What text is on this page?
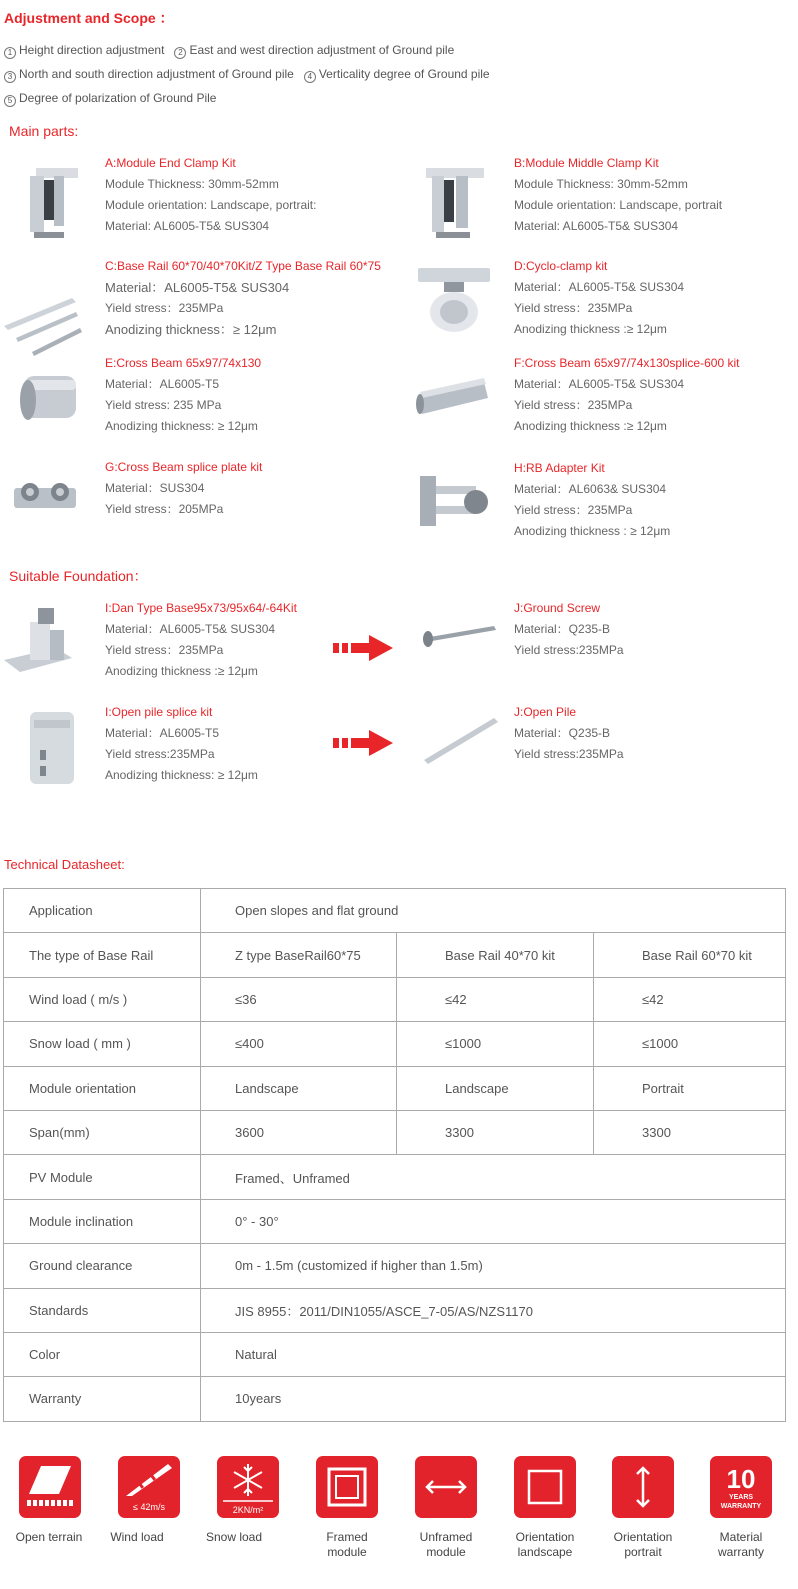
Adjustment and Scope ：
1 Height direction adjustment 2 East and west direction adjustment of Ground pile
3 North and south direction adjustment of Ground pile 4 Verticality degree of Ground pile
5 Degree of polarization of Ground Pile
Main parts:
A:Module End Clamp Kit
Module Thickness: 30mm-52mm
Module orientation: Landscape, portrait:
Material: AL6005-T5& SUS304
B:Module Middle Clamp Kit
Module Thickness: 30mm-52mm
Module orientation: Landscape, portrait
Material: AL6005-T5& SUS304
C:Base Rail 60*70/40*70Kit/Z Type Base Rail 60*75
Material：AL6005-T5& SUS304
Yield stress：235MPa
Anodizing thickness：≥ 12μm
D:Cyclo-clamp kit
Material：AL6005-T5& SUS304
Yield stress：235MPa
Anodizing thickness :≥ 12μm
E:Cross Beam 65x97/74x130
Material：AL6005-T5
Yield stress: 235 MPa
Anodizing thickness: ≥ 12μm
F:Cross Beam 65x97/74x130splice-600 kit
Material：AL6005-T5& SUS304
Yield stress：235MPa
Anodizing thickness :≥ 12μm
G:Cross Beam splice plate kit
Material：SUS304
Yield stress：205MPa
H:RB Adapter Kit
Material：AL6063& SUS304
Yield stress：235MPa
Anodizing thickness : ≥ 12μm
Suitable Foundation：
I:Dan Type Base95x73/95x64/-64Kit
Material：AL6005-T5& SUS304
Yield stress：235MPa
Anodizing thickness :≥ 12μm
J:Ground Screw
Material：Q235-B
Yield stress:235MPa
I:Open pile splice kit
Material：AL6005-T5
Yield stress:235MPa
Anodizing thickness: ≥ 12μm
J:Open Pile
Material：Q235-B
Yield stress:235MPa
Technical Datasheet:
Application	Open slopes and flat ground		
The type of Base Rail	Z type BaseRail60*75	Base Rail 40*70 kit	Base Rail 60*70 kit
Wind load ( m/s )	≤36	≤42	≤42
Snow load ( mm )	≤400	≤1000	≤1000
Module orientation	Landscape	Landscape	Portrait
Span(mm)	3600	3300	3300
PV Module	Framed、Unframed		
Module inclination	0° - 30°		
Ground clearance	0m - 1.5m (customized if higher than 1.5m)		
Standards	JIS 8955：2011/DIN1055/ASCE_7-05/AS/NZS1170		
Color	Natural		
Warranty	10years		
Open terrain
≤ 42m/s
Wind load
2KN/m²
Snow load	Framed
module
Unframed
module
Orientation
landscape
Orientation
portrait
10
YEARS
WARRANTY
Material
warranty
